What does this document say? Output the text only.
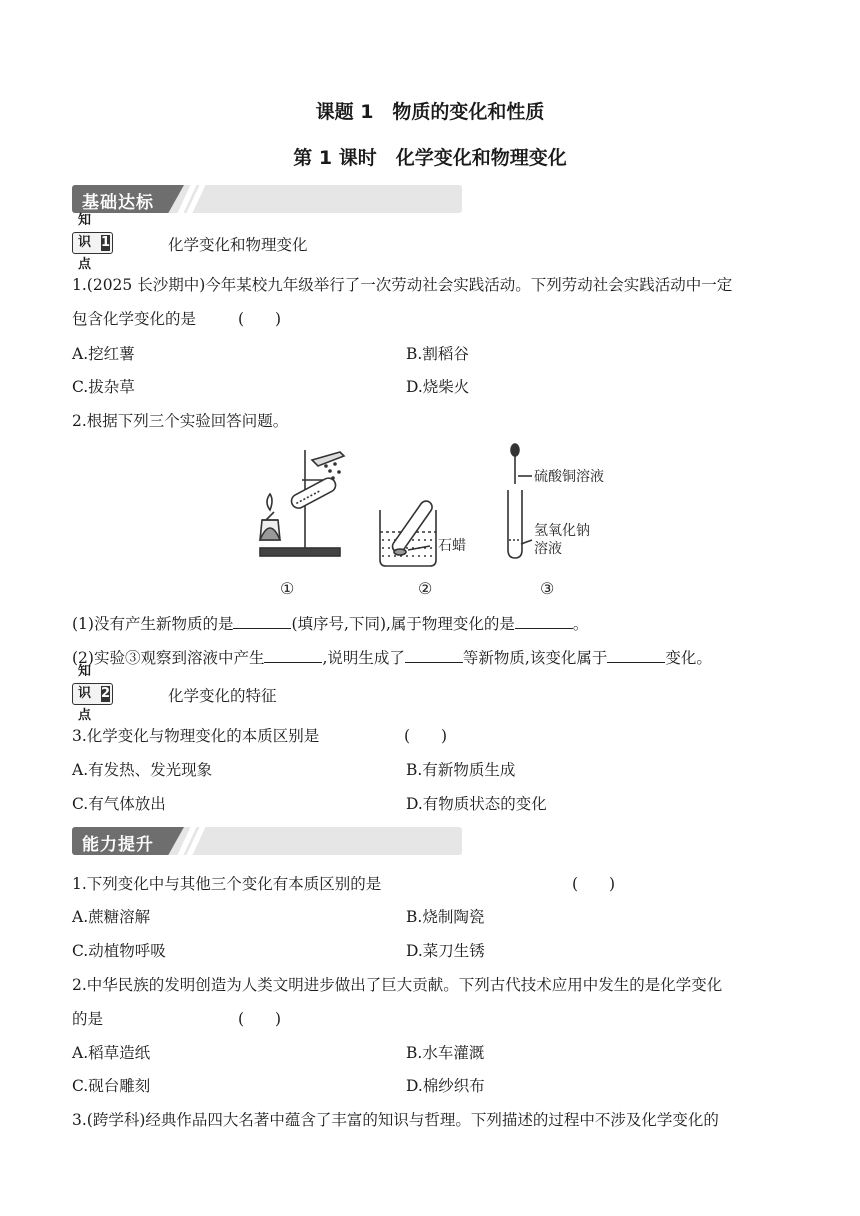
课题 1　物质的变化和性质
第 1 课时　化学变化和物理变化
基础达标
知识点
1	化学变化和物理变化
1.(2025 长沙期中)今年某校九年级举行了一次劳动社会实践活动。下列劳动社会实践活动中一定
包含化学变化的是	(　　)
A.挖红薯	B.割稻谷
C.拔杂草	D.烧柴火
2.根据下列三个实验回答问题。
石蜡
硫酸铜溶液
氢氧化钠
溶液
①	②	③
(1)没有产生新物质的是	(填序号,下同),属于物理变化的是	。
(2)实验③观察到溶液中产生	,说明生成了	等新物质,该变化属于	变化。
知识点
2	化学变化的特征
3.化学变化与物理变化的本质区别是	(　　)
A.有发热、发光现象	B.有新物质生成
C.有气体放出	D.有物质状态的变化
能力提升
1.下列变化中与其他三个变化有本质区别的是	(　　)
A.蔗糖溶解	B.烧制陶瓷
C.动植物呼吸	D.菜刀生锈
2.中华民族的发明创造为人类文明进步做出了巨大贡献。下列古代技术应用中发生的是化学变化
的是	(　　)
A.稻草造纸	B.水车灌溉
C.砚台雕刻	D.棉纱织布
3.(跨学科)经典作品四大名著中蕴含了丰富的知识与哲理。下列描述的过程中不涉及化学变化的
